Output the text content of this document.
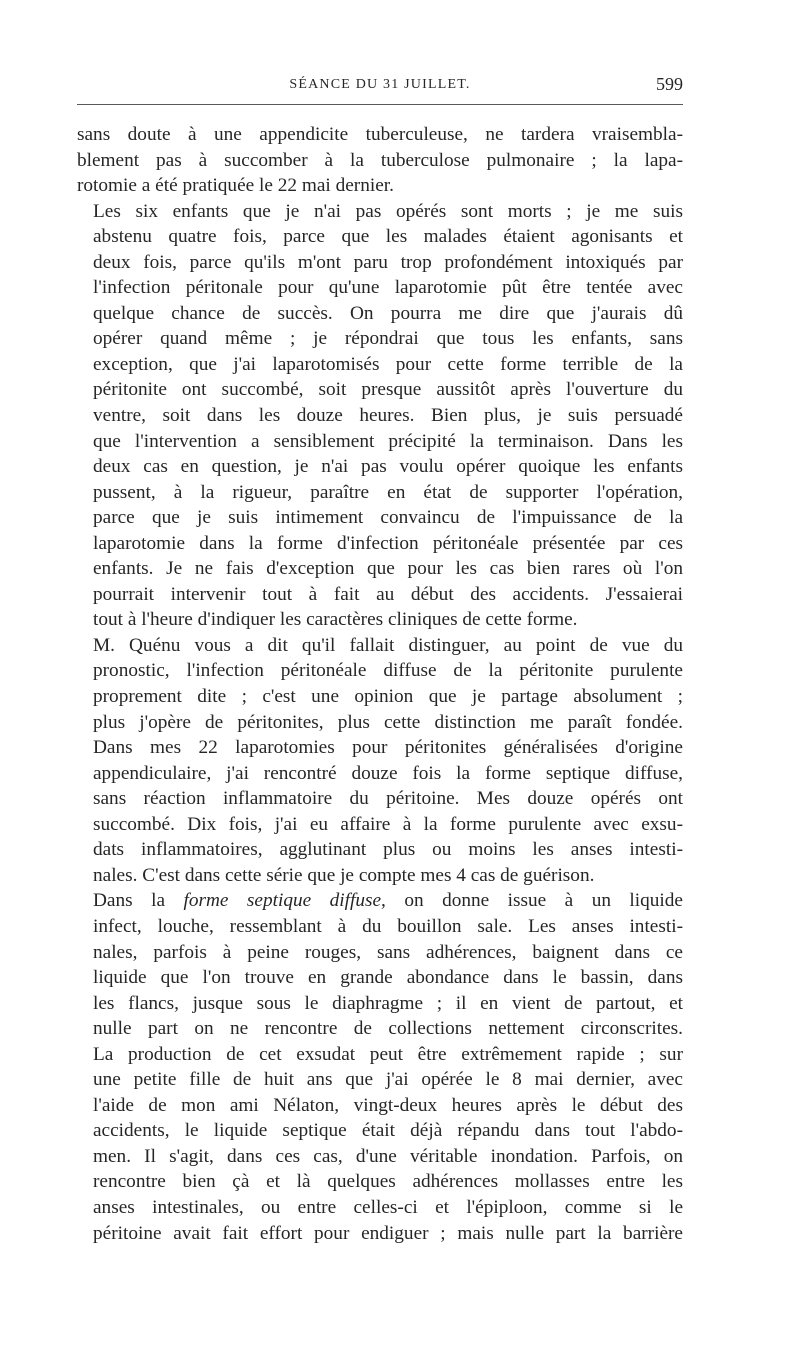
SÉANCE DU 31 JUILLET.	599

sans doute à une appendicite tuberculeuse, ne tardera vraisembla-
blement pas à succomber à la tuberculose pulmonaire ; la lapa-
rotomie a été pratiquée le 22 mai dernier.

Les six enfants que je n'ai pas opérés sont morts ; je me suis
abstenu quatre fois, parce que les malades étaient agonisants et
deux fois, parce qu'ils m'ont paru trop profondément intoxiqués par
l'infection péritonale pour qu'une laparotomie pût être tentée avec
quelque chance de succès. On pourra me dire que j'aurais dû
opérer quand même ; je répondrai que tous les enfants, sans
exception, que j'ai laparotomisés pour cette forme terrible de la
péritonite ont succombé, soit presque aussitôt après l'ouverture du
ventre, soit dans les douze heures. Bien plus, je suis persuadé
que l'intervention a sensiblement précipité la terminaison. Dans les
deux cas en question, je n'ai pas voulu opérer quoique les enfants
pussent, à la rigueur, paraître en état de supporter l'opération,
parce que je suis intimement convaincu de l'impuissance de la
laparotomie dans la forme d'infection péritonéale présentée par ces
enfants. Je ne fais d'exception que pour les cas bien rares où l'on
pourrait intervenir tout à fait au début des accidents. J'essaierai
tout à l'heure d'indiquer les caractères cliniques de cette forme.

M. Quénu vous a dit qu'il fallait distinguer, au point de vue du
pronostic, l'infection péritonéale diffuse de la péritonite purulente
proprement dite ; c'est une opinion que je partage absolument ;
plus j'opère de péritonites, plus cette distinction me paraît fondée.
Dans mes 22 laparotomies pour péritonites généralisées d'origine
appendiculaire, j'ai rencontré douze fois la forme septique diffuse,
sans réaction inflammatoire du péritoine. Mes douze opérés ont
succombé. Dix fois, j'ai eu affaire à la forme purulente avec exsu-
dats inflammatoires, agglutinant plus ou moins les anses intesti-
nales. C'est dans cette série que je compte mes 4 cas de guérison.

Dans la forme septique diffuse, on donne issue à un liquide
infect, louche, ressemblant à du bouillon sale. Les anses intesti-
nales, parfois à peine rouges, sans adhérences, baignent dans ce
liquide que l'on trouve en grande abondance dans le bassin, dans
les flancs, jusque sous le diaphragme ; il en vient de partout, et
nulle part on ne rencontre de collections nettement circonscrites.
La production de cet exsudat peut être extrêmement rapide ; sur
une petite fille de huit ans que j'ai opérée le 8 mai dernier, avec
l'aide de mon ami Nélaton, vingt-deux heures après le début des
accidents, le liquide septique était déjà répandu dans tout l'abdo-
men. Il s'agit, dans ces cas, d'une véritable inondation. Parfois, on
rencontre bien çà et là quelques adhérences mollasses entre les
anses intestinales, ou entre celles-ci et l'épiploon, comme si le
péritoine avait fait effort pour endiguer ; mais nulle part la barrière
